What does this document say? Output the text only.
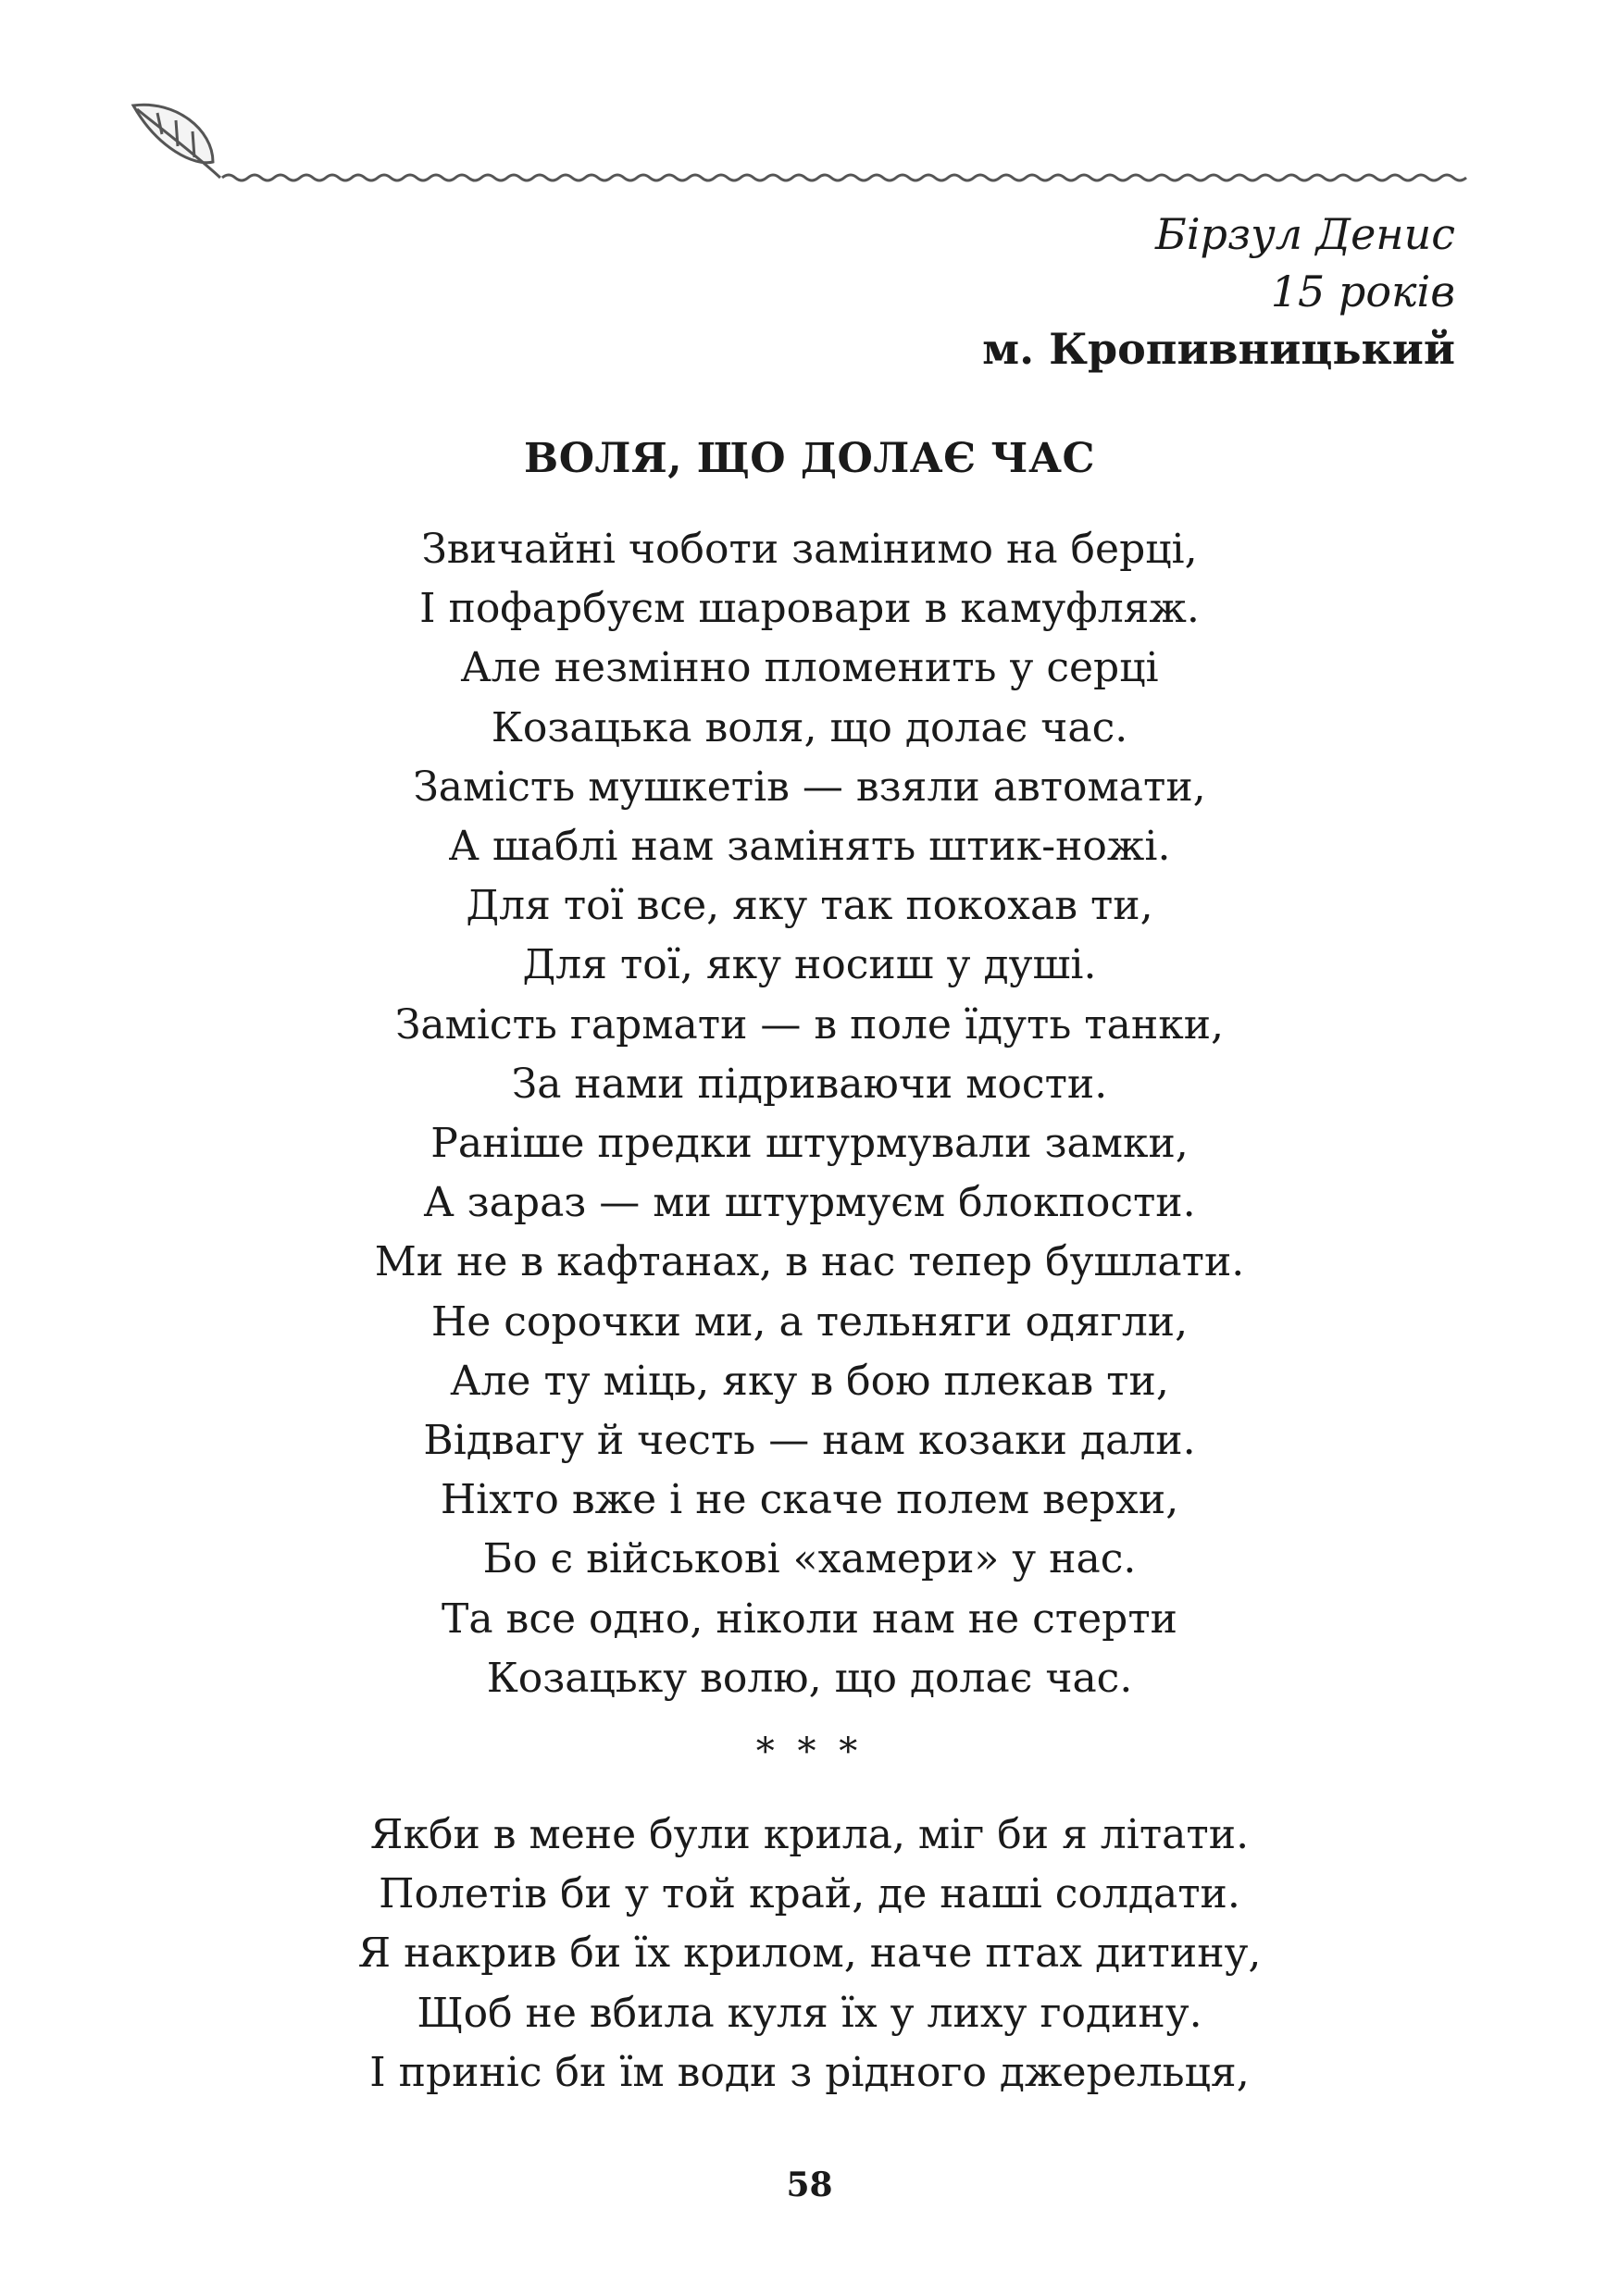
Бірзул Денис
15 років
м. Кропивницький
ВОЛЯ, ЩО ДОЛАЄ ЧАС
Звичайні чоботи замінимо на берці,
І пофарбуєм шаровари в камуфляж.
Але незмінно пломенить у серці
Козацька воля, що долає час.
Замість мушкетів — взяли автомати,
А шаблі нам замінять штик-ножі.
Для тої все, яку так покохав ти,
Для тої, яку носиш у душі.
Замість гармати — в поле їдуть танки,
За нами підриваючи мости.
Раніше предки штурмували замки,
А зараз — ми штурмуєм блокпости.
Ми не в кафтанах, в нас тепер бушлати.
Не сорочки ми, а тельняги одягли,
Але ту міць, яку в бою плекав ти,
Відвагу й честь — нам козаки дали.
Ніхто вже і не скаче полем верхи,
Бо є військові «хамери» у нас.
Та все одно, ніколи нам не стерти
Козацьку волю, що долає час.
* * *
Якби в мене були крила, міг би я літати.
Полетів би у той край, де наші солдати.
Я накрив би їх крилом, наче птах дитину,
Щоб не вбила куля їх у лиху годину.
І приніс би їм води з рідного джерельця,
58
